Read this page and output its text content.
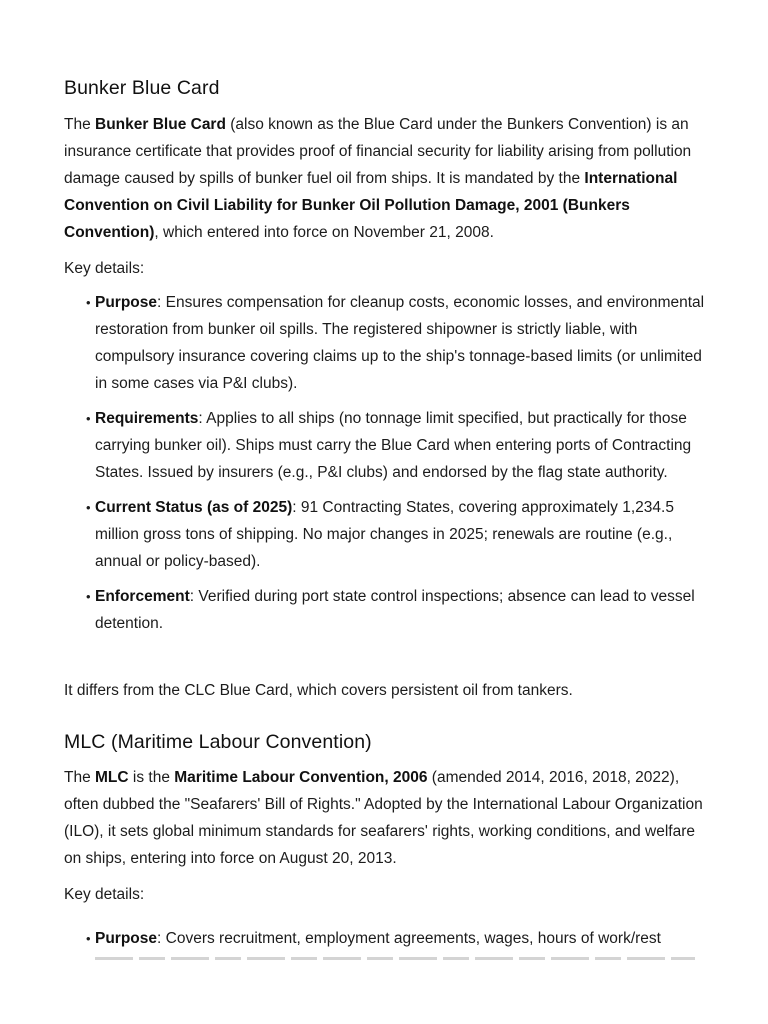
Bunker Blue Card

The Bunker Blue Card (also known as the Blue Card under the Bunkers Convention) is an insurance certificate that provides proof of financial security for liability arising from pollution damage caused by spills of bunker fuel oil from ships. It is mandated by the International Convention on Civil Liability for Bunker Oil Pollution Damage, 2001 (Bunkers Convention), which entered into force on November 21, 2008.

Key details:

• Purpose: Ensures compensation for cleanup costs, economic losses, and environmental restoration from bunker oil spills. The registered shipowner is strictly liable, with compulsory insurance covering claims up to the ship's tonnage-based limits (or unlimited in some cases via P&I clubs).
• Requirements: Applies to all ships (no tonnage limit specified, but practically for those carrying bunker oil). Ships must carry the Blue Card when entering ports of Contracting States. Issued by insurers (e.g., P&I clubs) and endorsed by the flag state authority.
• Current Status (as of 2025): 91 Contracting States, covering approximately 1,234.5 million gross tons of shipping. No major changes in 2025; renewals are routine (e.g., annual or policy-based).
• Enforcement: Verified during port state control inspections; absence can lead to vessel detention.

It differs from the CLC Blue Card, which covers persistent oil from tankers.

MLC (Maritime Labour Convention)

The MLC is the Maritime Labour Convention, 2006 (amended 2014, 2016, 2018, 2022), often dubbed the "Seafarers' Bill of Rights." Adopted by the International Labour Organization (ILO), it sets global minimum standards for seafarers' rights, working conditions, and welfare on ships, entering into force on August 20, 2013.

Key details:

• Purpose: Covers recruitment, employment agreements, wages, hours of work/rest
